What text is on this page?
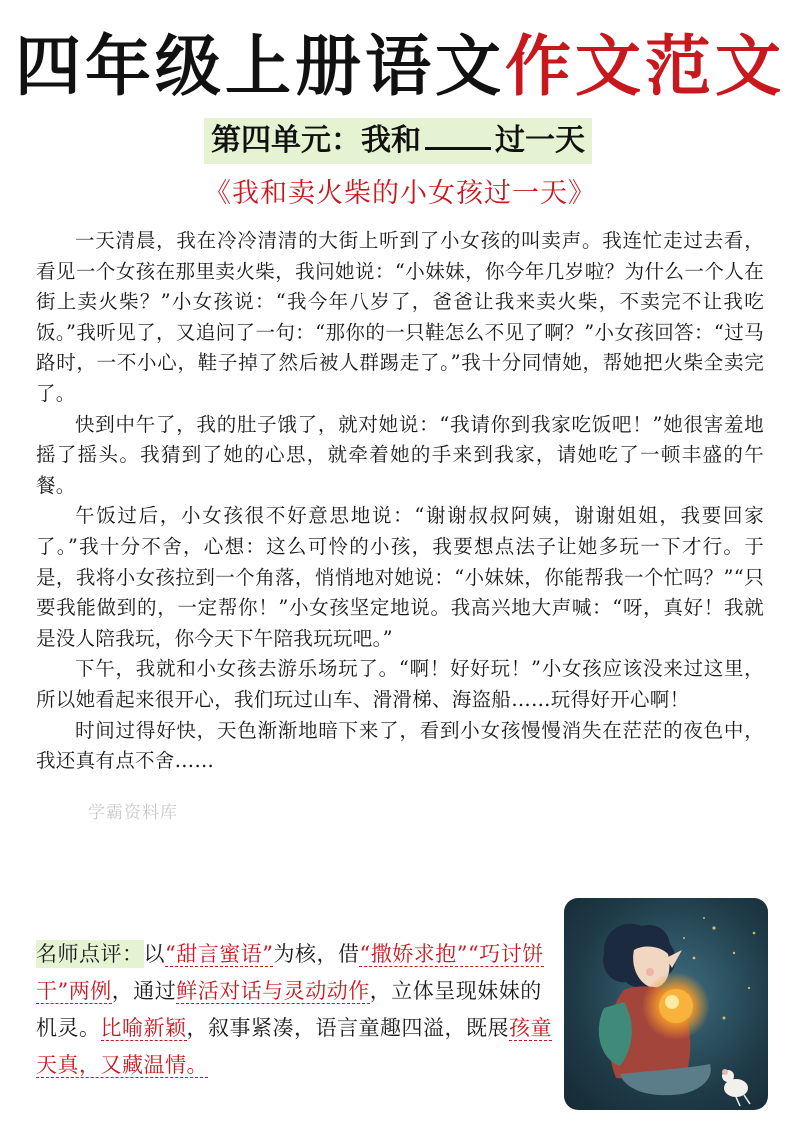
四年级上册语文作文范文
第四单元：我和 过一天
《我和卖火柴的小女孩过一天》

一天清晨，我在冷冷清清的大街上听到了小女孩的叫卖声。我连忙走过去看，看见一个女孩在那里卖火柴，我问她说：“小妹妹，你今年几岁啦？为什么一个人在街上卖火柴？”小女孩说：“我今年八岁了，爸爸让我来卖火柴，不卖完不让我吃饭。”我听见了，又追问了一句：“那你的一只鞋怎么不见了啊？”小女孩回答：“过马路时，一不小心，鞋子掉了然后被人群踢走了。”我十分同情她，帮她把火柴全卖完了。

快到中午了，我的肚子饿了，就对她说：“我请你到我家吃饭吧！”她很害羞地摇了摇头。我猜到了她的心思，就牵着她的手来到我家，请她吃了一顿丰盛的午餐。

午饭过后，小女孩很不好意思地说：“谢谢叔叔阿姨，谢谢姐姐，我要回家了。”我十分不舍，心想：这么可怜的小孩，我要想点法子让她多玩一下才行。于是，我将小女孩拉到一个角落，悄悄地对她说：“小妹妹，你能帮我一个忙吗？”“只要我能做到的，一定帮你！”小女孩坚定地说。我高兴地大声喊：“呀，真好！我就是没人陪我玩，你今天下午陪我玩玩吧。”

下午，我就和小女孩去游乐场玩了。“啊！好好玩！”小女孩应该没来过这里，所以她看起来很开心，我们玩过山车、滑滑梯、海盗船……玩得好开心啊！

时间过得好快，天色渐渐地暗下来了，看到小女孩慢慢消失在茫茫的夜色中，我还真有点不舍……

学霸资料库
名师点评：以“甜言蜜语”为核，借“撒娇求抱”“巧讨饼干”两例，通过鲜活对话与灵动动作，立体呈现妹妹的机灵。比喻新颖，叙事紧凑，语言童趣四溢，既展孩童天真，又藏温情。
